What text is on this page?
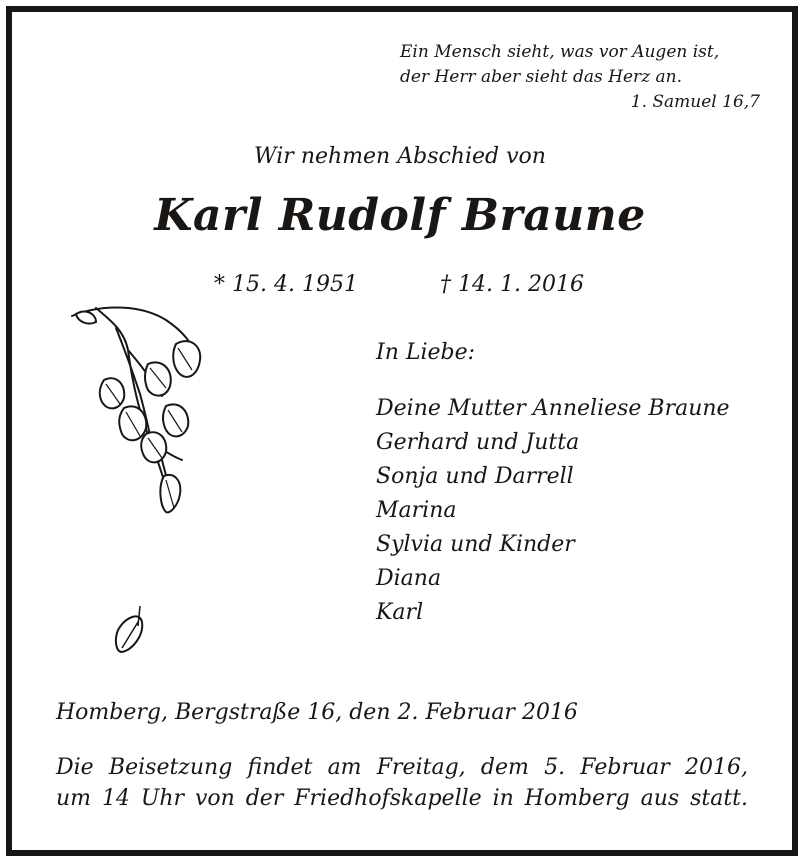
Ein Mensch sieht, was vor Augen ist,
der Herr aber sieht das Herz an.
1. Samuel 16,7
Wir nehmen Abschied von
Karl Rudolf Braune
* 15. 4. 1951	† 14. 1. 2016
In Liebe:
Deine Mutter Anneliese Braune
Gerhard und Jutta
Sonja und Darrell
Marina
Sylvia und Kinder
Diana
Karl
Homberg, Bergstraße 16, den 2. Februar 2016
Die Beisetzung findet am Freitag, dem 5. Februar 2016,
um 14 Uhr von der Friedhofskapelle in Homberg aus statt.
